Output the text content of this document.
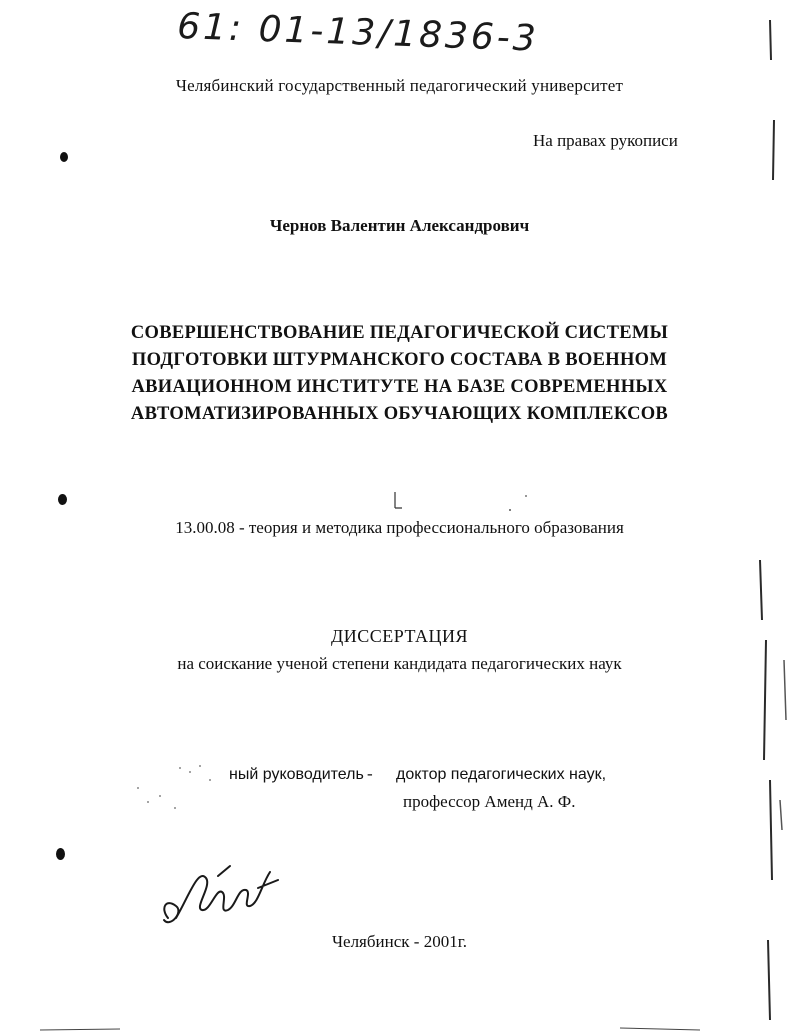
61: 01-13/1836-3

Челябинский государственный педагогический университет

На правах рукописи

Чернов Валентин Александрович

СОВЕРШЕНСТВОВАНИЕ ПЕДАГОГИЧЕСКОЙ СИСТЕМЫ
ПОДГОТОВКИ ШТУРМАНСКОГО СОСТАВА В ВОЕННОМ
АВИАЦИОННОМ ИНСТИТУТЕ НА БАЗЕ СОВРЕМЕННЫХ
АВТОМАТИЗИРОВАННЫХ ОБУЧАЮЩИХ КОМПЛЕКСОВ

13.00.08 - теория и методика профессионального образования

ДИССЕРТАЦИЯ

на соискание ученой степени кандидата педагогических наук

ный руководитель - доктор педагогических наук,

профессор Аменд А. Ф.

Челябинск - 2001г.
